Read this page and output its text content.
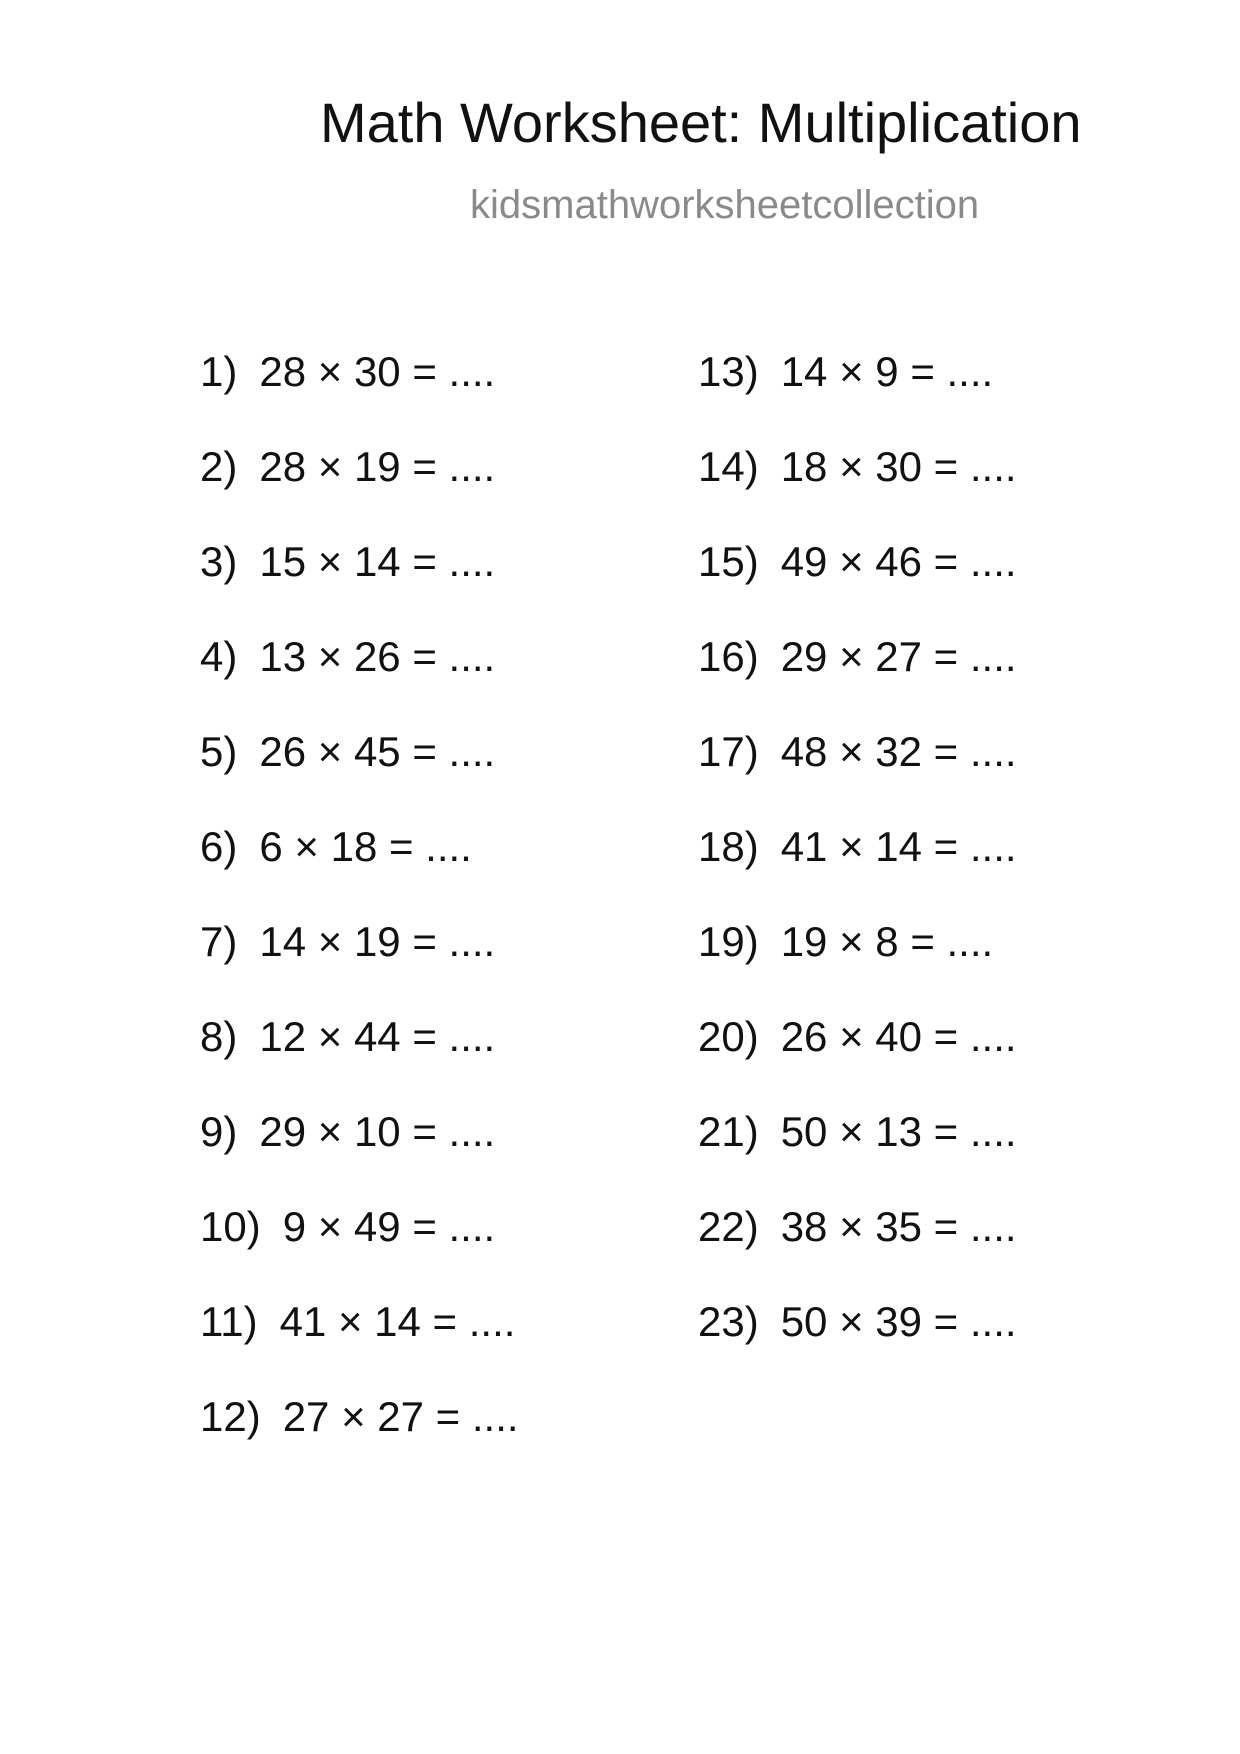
Math Worksheet: Multiplication
kidsmathworksheetcollection
1) 28 × 30 = ....
2) 28 × 19 = ....
3) 15 × 14 = ....
4) 13 × 26 = ....
5) 26 × 45 = ....
6) 6 × 18 = ....
7) 14 × 19 = ....
8) 12 × 44 = ....
9) 29 × 10 = ....
10) 9 × 49 = ....
11) 41 × 14 = ....
12) 27 × 27 = ....
13) 14 × 9 = ....
14) 18 × 30 = ....
15) 49 × 46 = ....
16) 29 × 27 = ....
17) 48 × 32 = ....
18) 41 × 14 = ....
19) 19 × 8 = ....
20) 26 × 40 = ....
21) 50 × 13 = ....
22) 38 × 35 = ....
23) 50 × 39 = ....
